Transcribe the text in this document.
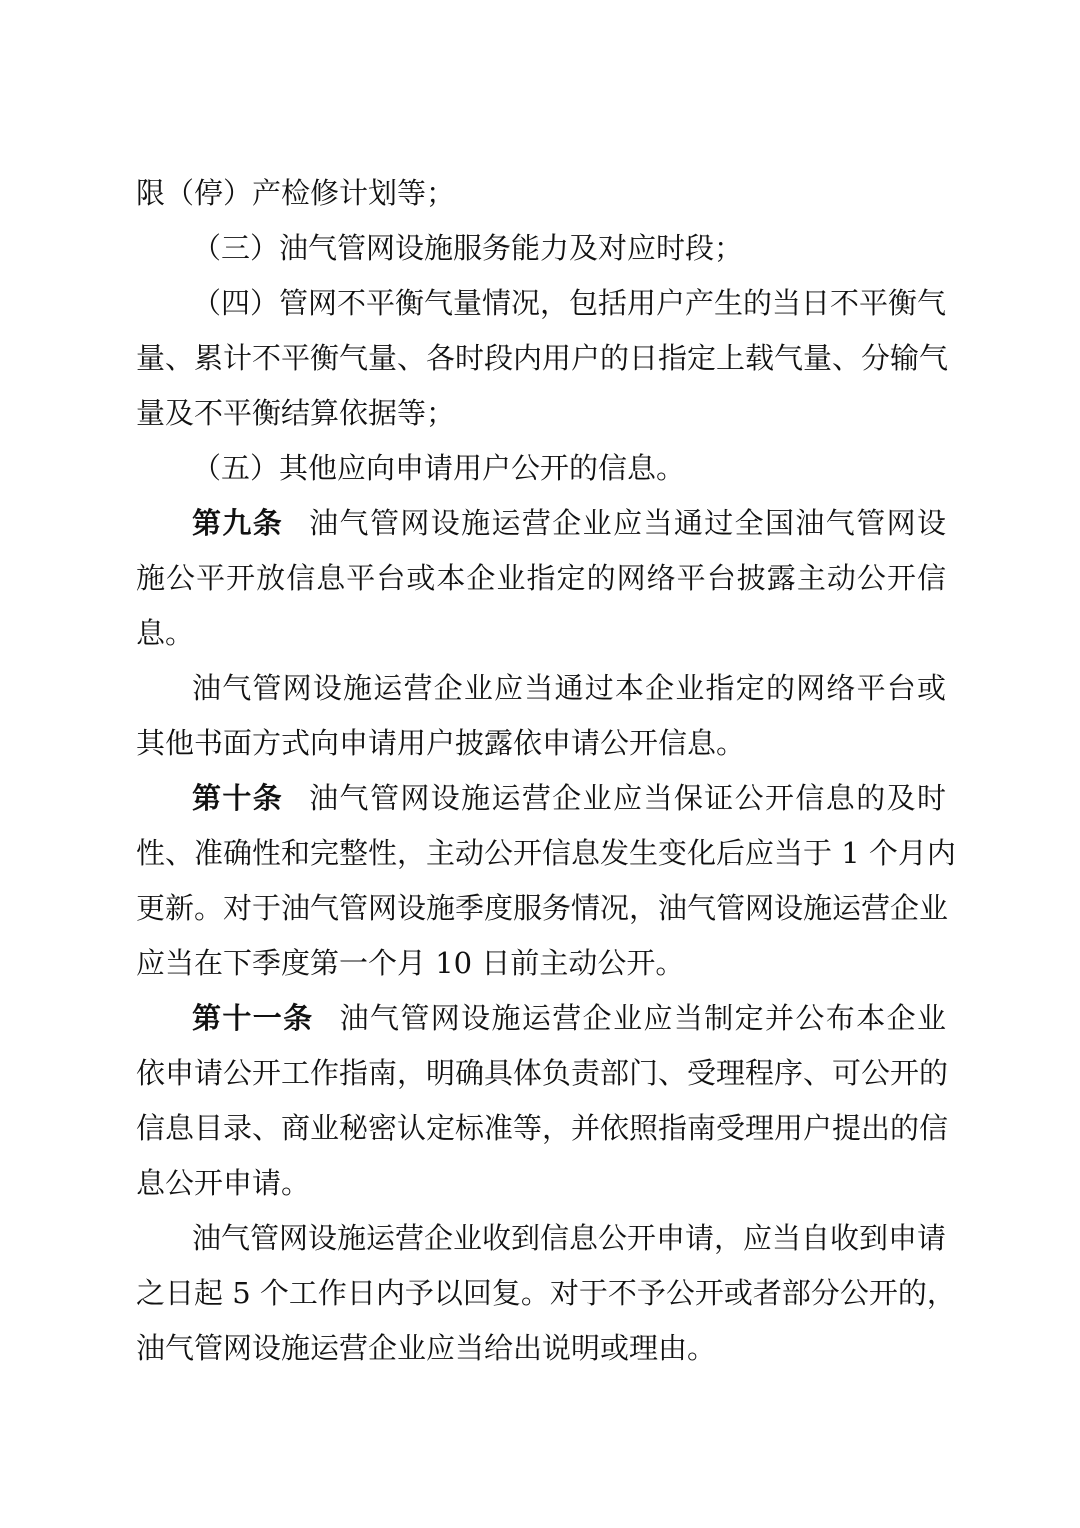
限（停）产检修计划等；
（三）油气管网设施服务能力及对应时段；
（四）管网不平衡气量情况，包括用户产生的当日不平衡气
量、累计不平衡气量、各时段内用户的日指定上载气量、分输气
量及不平衡结算依据等；
（五）其他应向申请用户公开的信息。
第九条 油气管网设施运营企业应当通过全国油气管网设
施公平开放信息平台或本企业指定的网络平台披露主动公开信
息。
油气管网设施运营企业应当通过本企业指定的网络平台或
其他书面方式向申请用户披露依申请公开信息。
第十条 油气管网设施运营企业应当保证公开信息的及时
性、准确性和完整性，主动公开信息发生变化后应当于 1 个月内
更新。对于油气管网设施季度服务情况，油气管网设施运营企业
应当在下季度第一个月 10 日前主动公开。
第十一条 油气管网设施运营企业应当制定并公布本企业
依申请公开工作指南，明确具体负责部门、受理程序、可公开的
信息目录、商业秘密认定标准等，并依照指南受理用户提出的信
息公开申请。
油气管网设施运营企业收到信息公开申请，应当自收到申请
之日起 5 个工作日内予以回复。对于不予公开或者部分公开的，
油气管网设施运营企业应当给出说明或理由。
